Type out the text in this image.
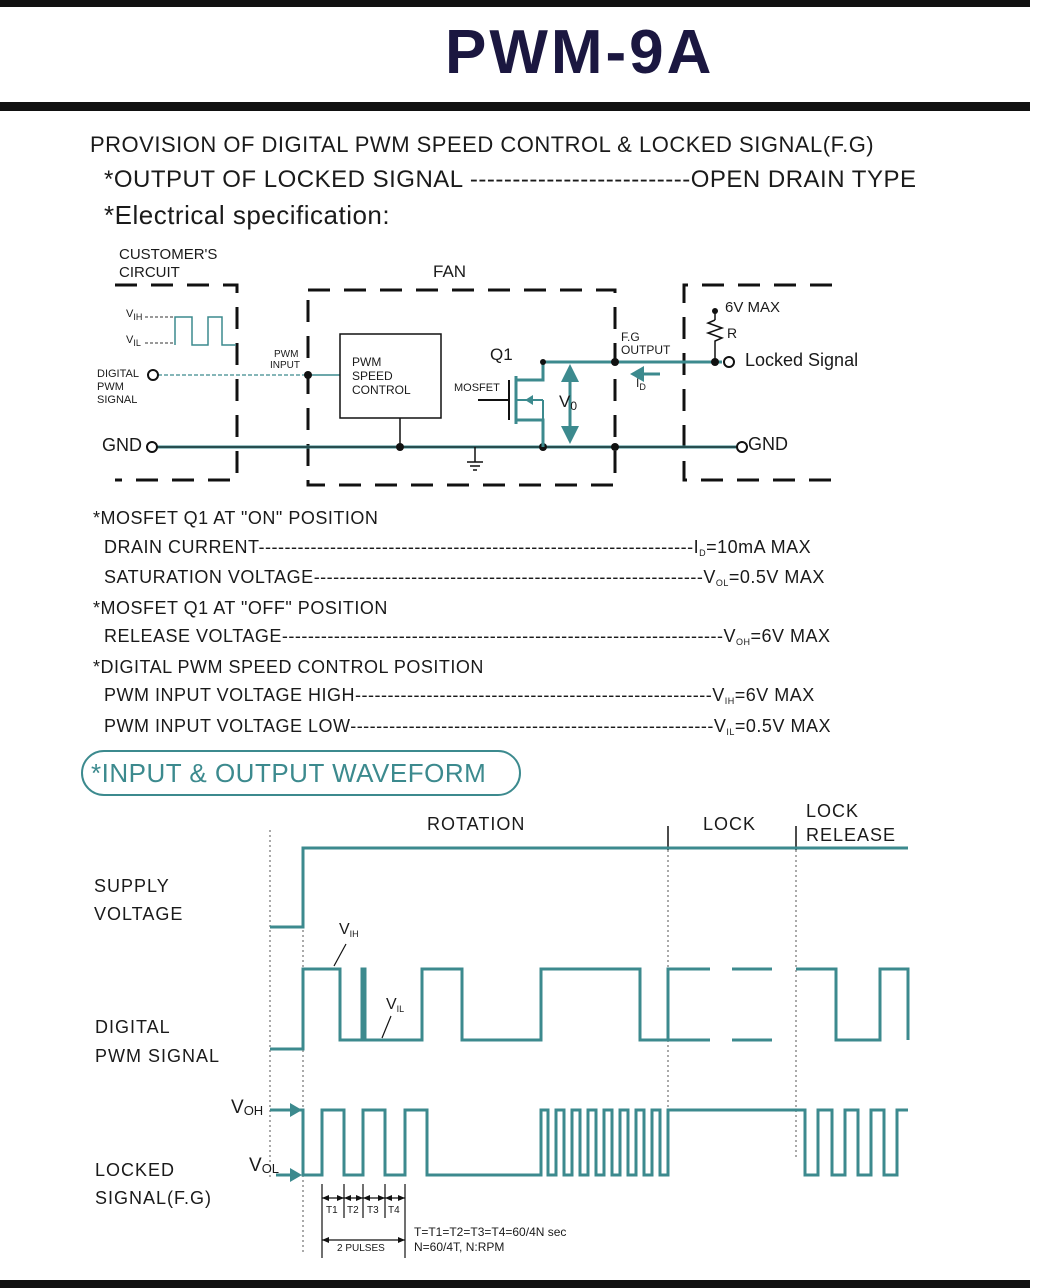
PWM-9A
PROVISION OF DIGITAL PWM SPEED CONTROL & LOCKED SIGNAL(F.G)
*OUTPUT OF LOCKED SIGNAL --------------------------OPEN DRAIN TYPE
*Electrical specification:
CUSTOMER'S
CIRCUIT	FAN
$V_{IH}$
$V_{IL}$
DIGITAL
PWM
SIGNAL
GND	GND
PWM
INPUT	PWM
SPEED
CONTROL
Q1
MOSFET
$V_0$
F.G
OUTPUT
$I_D$
6V MAX
R
Locked Signal
*MOSFET Q1 AT "ON" POSITION
DRAIN CURRENT-$------------------------------------------------------------------I_D=10mA$ MAX
SATURATION VOLTAGE-$-----------------------------------------------------------V_{OL}=0.5V$ MAX
*MOSFET Q1 AT "OFF" POSITION
RELEASE VOLTAGE-$-------------------------------------------------------------------V_{OH}=6V$ MAX
*DIGITAL PWM SPEED CONTROL POSITION
PWM INPUT VOLTAGE HIGH-$------------------------------------------------------V_{IH}=6V$ MAX
PWM INPUT VOLTAGE LOW-$-------------------------------------------------------V_{IL}=0.5V$ MAX
*INPUT & OUTPUT WAVEFORM
ROTATION	LOCK
LOCK
RELEASE
SUPPLY
VOLTAGE
DIGITAL
PWM SIGNAL
LOCKED
SIGNAL(F.G)
$V_{IH}$
$V_{IL}$
$V_{OH}$
$V_{OL}$
T1 T2 T3 T4
2 PULSES
T=T1=T2=T3=T4=60/4N sec
N=60/4T, N:RPM
